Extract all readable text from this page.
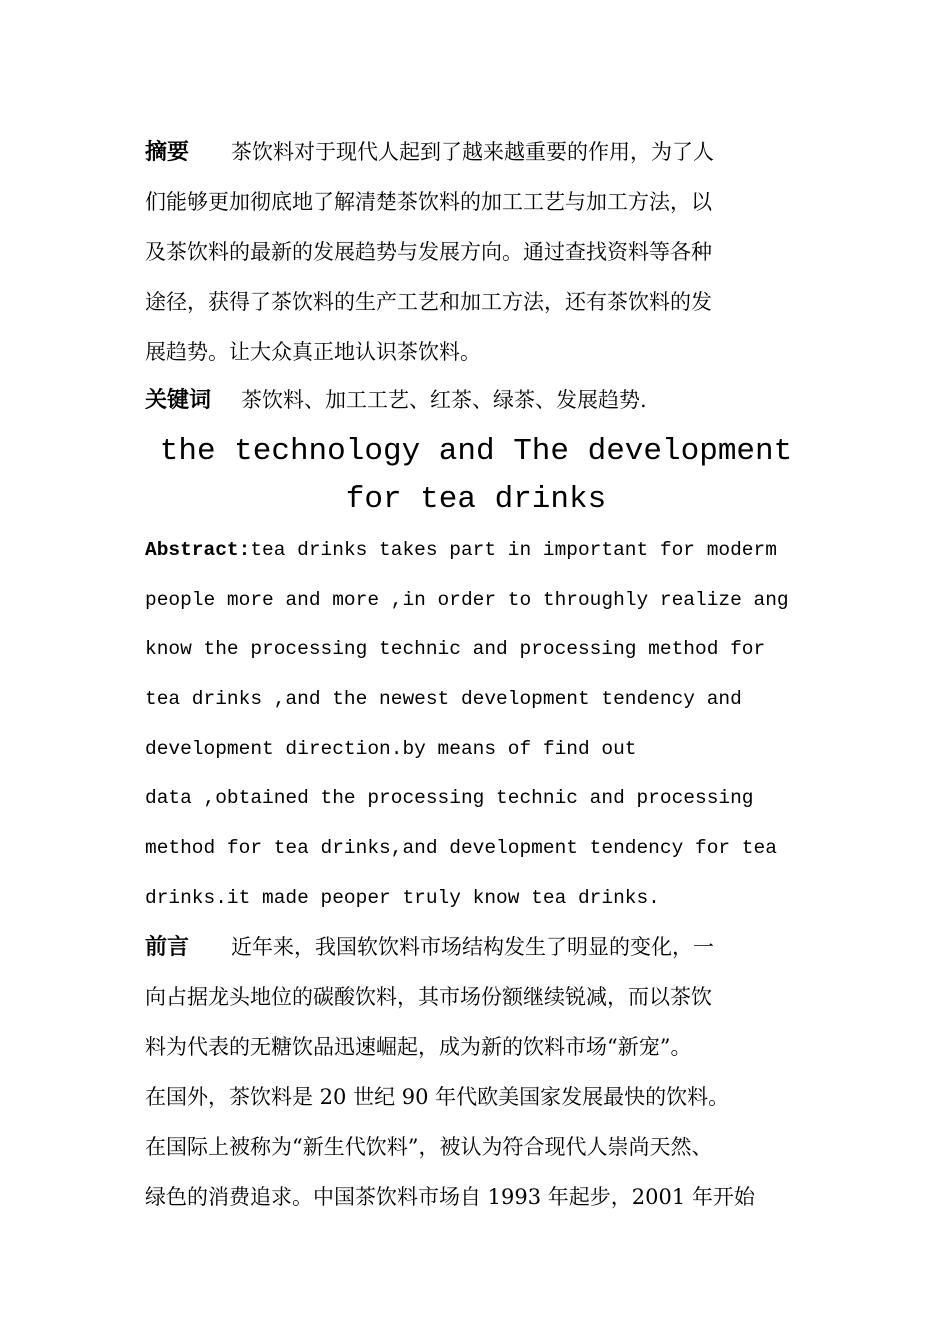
摘要 茶饮料对于现代人起到了越来越重要的作用，为了人
们能够更加彻底地了解清楚茶饮料的加工工艺与加工方法，以
及茶饮料的最新的发展趋势与发展方向。通过查找资料等各种
途径，获得了茶饮料的生产工艺和加工方法，还有茶饮料的发
展趋势。让大众真正地认识茶饮料。
关键词 茶饮料、加工工艺、红茶、绿茶、发展趋势.
the technology and The development
for tea drinks
Abstract:tea drinks takes part in important for moderm
people more and more ,in order to throughly realize ang
know the processing technic and processing method for
tea drinks ,and the newest development tendency and
development direction.by means of find out
data ,obtained the processing technic and processing
method for tea drinks,and development tendency for tea
drinks.it made peoper truly know tea drinks.
前言 近年来，我国软饮料市场结构发生了明显的变化，一
向占据龙头地位的碳酸饮料，其市场份额继续锐减，而以茶饮
料为代表的无糖饮品迅速崛起，成为新的饮料市场“新宠”。
在国外，茶饮料是 20 世纪 90 年代欧美国家发展最快的饮料。
在国际上被称为“新生代饮料”，被认为符合现代人崇尚天然、
绿色的消费追求。中国茶饮料市场自 1993 年起步，2001 年开始
